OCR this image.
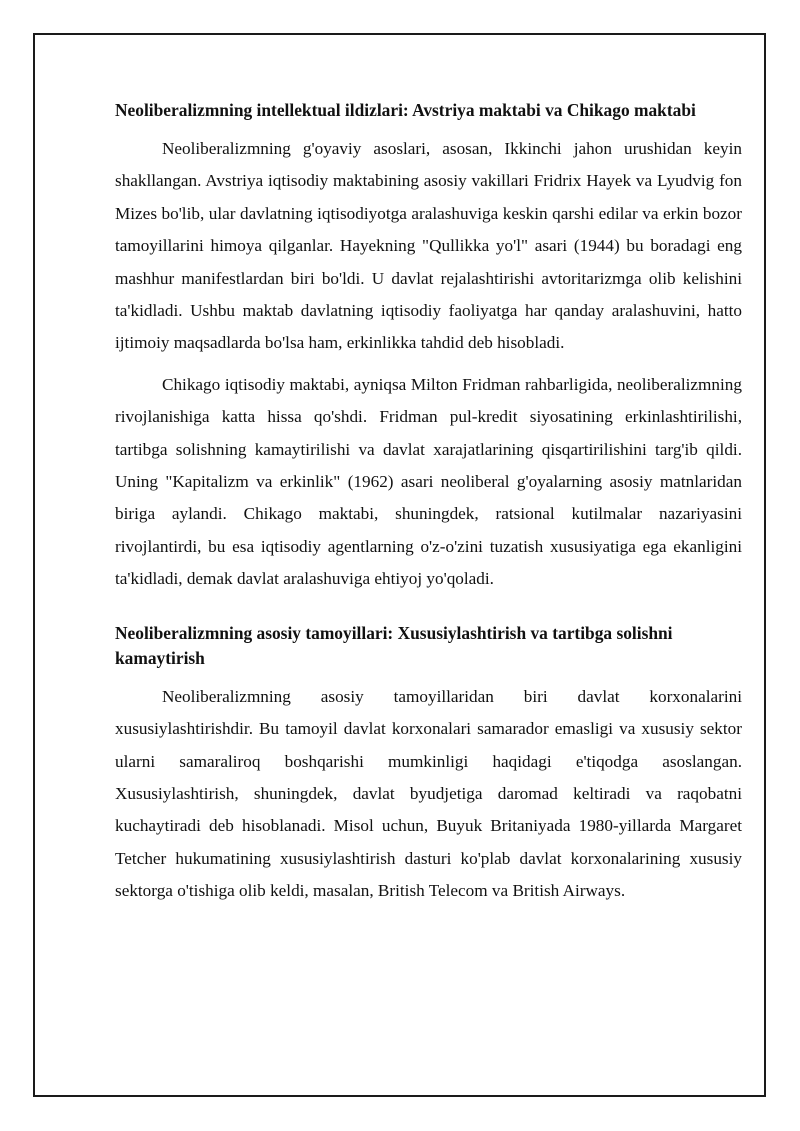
Neoliberalizmning intellektual ildizlari: Avstriya maktabi va Chikago maktabi

Neoliberalizmning g'oyaviy asoslari, asosan, Ikkinchi jahon urushidan keyin shakllangan. Avstriya iqtisodiy maktabining asosiy vakillari Fridrix Hayek va Lyudvig fon Mizes bo'lib, ular davlatning iqtisodiyotga aralashuviga keskin qarshi edilar va erkin bozor tamoyillarini himoya qilganlar. Hayekning "Qullikka yo'l" asari (1944) bu boradagi eng mashhur manifestlardan biri bo'ldi. U davlat rejalashtirishi avtoritarizmga olib kelishini ta'kidladi. Ushbu maktab davlatning iqtisodiy faoliyatga har qanday aralashuvini, hatto ijtimoiy maqsadlarda bo'lsa ham, erkinlikka tahdid deb hisobladi.

Chikago iqtisodiy maktabi, ayniqsa Milton Fridman rahbarligida, neoliberalizmning rivojlanishiga katta hissa qo'shdi. Fridman pul-kredit siyosatining erkinlashtirilishi, tartibga solishning kamaytirilishi va davlat xarajatlarining qisqartirilishini targ'ib qildi. Uning "Kapitalizm va erkinlik" (1962) asari neoliberal g'oyalarning asosiy matnlaridan biriga aylandi. Chikago maktabi, shuningdek, ratsional kutilmalar nazariyasini rivojlantirdi, bu esa iqtisodiy agentlarning o'z-o'zini tuzatish xususiyatiga ega ekanligini ta'kidladi, demak davlat aralashuviga ehtiyoj yo'qoladi.

Neoliberalizmning asosiy tamoyillari: Xususiylashtirish va tartibga solishni kamaytirish

Neoliberalizmning asosiy tamoyillaridan biri davlat korxonalarini xususiylashtirishdir. Bu tamoyil davlat korxonalari samarador emasligi va xususiy sektor ularni samaraliroq boshqarishi mumkinligi haqidagi e'tiqodga asoslangan. Xususiylashtirish, shuningdek, davlat byudjetiga daromad keltiradi va raqobatni kuchaytiradi deb hisoblanadi. Misol uchun, Buyuk Britaniyada 1980-yillarda Margaret Tetcher hukumatining xususiylashtirish dasturi ko'plab davlat korxonalarining xususiy sektorga o'tishiga olib keldi, masalan, British Telecom va British Airways.
